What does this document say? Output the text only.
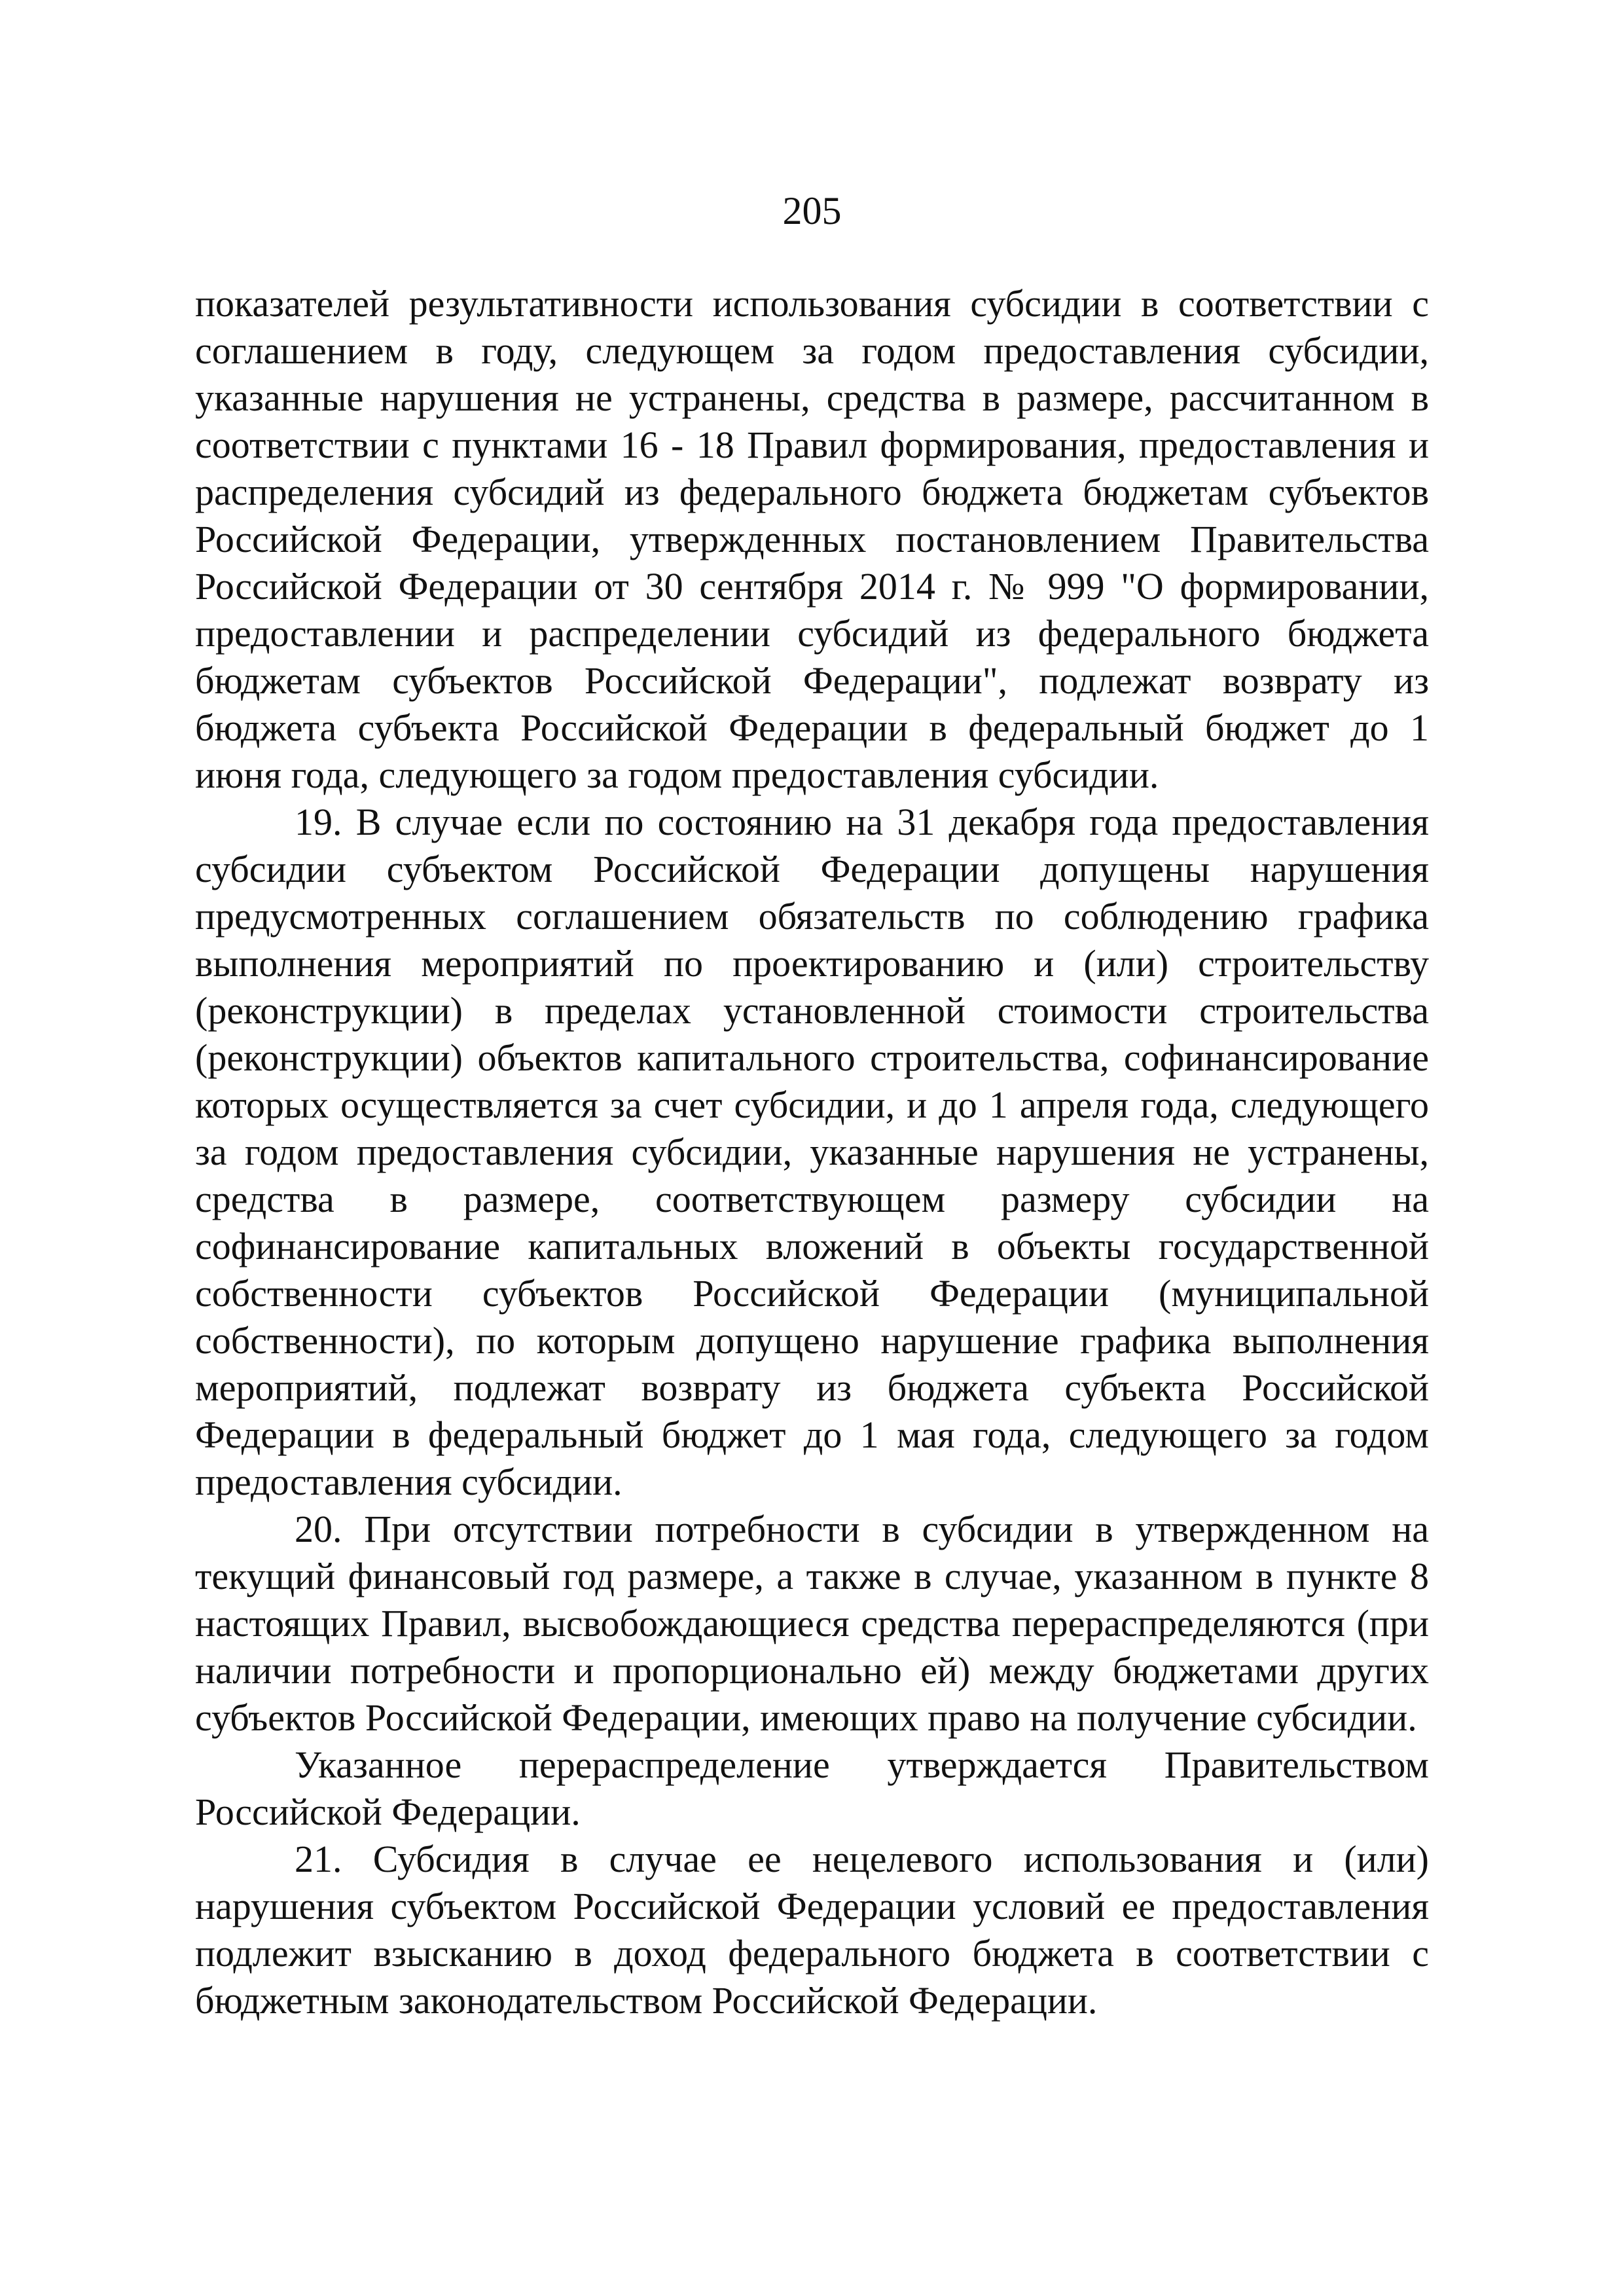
205

показателей результативности использования субсидии в соответствии с соглашением в году, следующем за годом предоставления субсидии, указанные нарушения не устранены, средства в размере, рассчитанном в соответствии с пунктами 16 - 18 Правил формирования, предоставления и распределения субсидий из федерального бюджета бюджетам субъектов Российской Федерации, утвержденных постановлением Правительства Российской Федерации от 30 сентября 2014 г. № 999 "О формировании, предоставлении и распределении субсидий из федерального бюджета бюджетам субъектов Российской Федерации", подлежат возврату из бюджета субъекта Российской Федерации в федеральный бюджет до 1 июня года, следующего за годом предоставления субсидии.

19. В случае если по состоянию на 31 декабря года предоставления субсидии субъектом Российской Федерации допущены нарушения предусмотренных соглашением обязательств по соблюдению графика выполнения мероприятий по проектированию и (или) строительству (реконструкции) в пределах установленной стоимости строительства (реконструкции) объектов капитального строительства, софинансирование которых осуществляется за счет субсидии, и до 1 апреля года, следующего за годом предоставления субсидии, указанные нарушения не устранены, средства в размере, соответствующем размеру субсидии на софинансирование капитальных вложений в объекты государственной собственности субъектов Российской Федерации (муниципальной собственности), по которым допущено нарушение графика выполнения мероприятий, подлежат возврату из бюджета субъекта Российской Федерации в федеральный бюджет до 1 мая года, следующего за годом предоставления субсидии.

20. При отсутствии потребности в субсидии в утвержденном на текущий финансовый год размере, а также в случае, указанном в пункте 8 настоящих Правил, высвобождающиеся средства перераспределяются (при наличии потребности и пропорционально ей) между бюджетами других субъектов Российской Федерации, имеющих право на получение субсидии.

Указанное перераспределение утверждается Правительством Российской Федерации.

21. Субсидия в случае ее нецелевого использования и (или) нарушения субъектом Российской Федерации условий ее предоставления подлежит взысканию в доход федерального бюджета в соответствии с бюджетным законодательством Российской Федерации.
